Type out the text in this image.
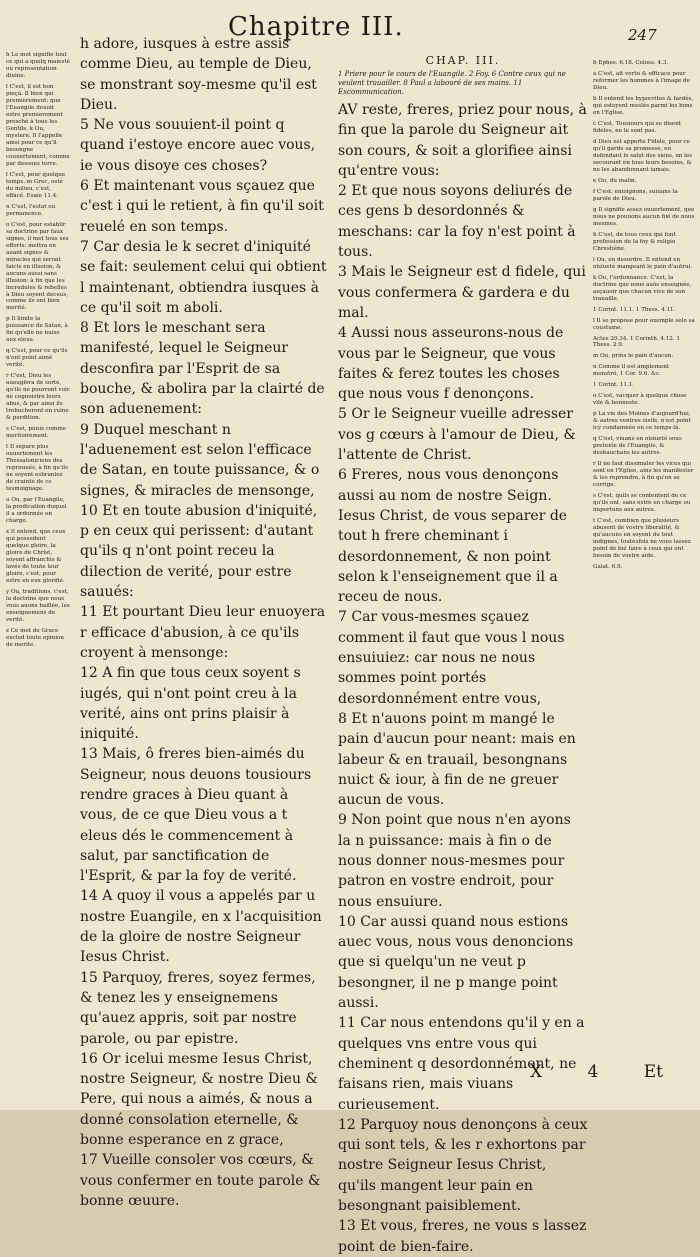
Chapitre III.	247

h Le mot signifie tout ce qui a quelq maiesté ou representation diuine.

l C'est, il est bon pieçà. Il bien qui premierement: que l'Euangile deuoit estre premierement presché à tous les Gentils. k Ou, mystere. Il l'appelle ainsi pour ce qu'il besongne couuertement, comme par dessous terre.

l C'est, pour quelque temps. m Grec, osté du milieu, c'est, effacé. Esaie 11.4.

n C'est, l'estat ou permanence.

o C'est, pour establir sa doctrine par faux signes, il met tous ses efforts: mettra en auant signes & miracles qui seront faicts en illusion, & aucuns aussi sans illusion: à fin que les incredules & rebelles à Dieu soyent deceus, comme ils ont bien merité.

p Il limite la puissance de Satan, à fin qu'elle ne nuise aux eleus.

q C'est, pour ce qu'ils n'ont point aimé verité.

r C'est, Dieu les aueuglera de sorte, qu'ils ne pourront voir ne cognoistre leurs abus, & par ainsi ils trebucheront en ruine & perdition.

s C'est, punis comme meritoirement.

t Il separe plus ouuertement les Thessaloniciens des reprouués, à fin qu'ils ne soyent esbranlez de crainte de ce tesmoignage.

u Ou, par l'Euangile, la predication duquel il a ordonnée en charge.

x Il entend, que ceux qui possedent quelque gloire, la gloire de Christ, soyent affranchis & lavés de toute leur gloire, c'est, pour estre en eux glorifié.

y Ou, traditions, c'est, la doctrine que nous vous auons baillée, les enseignemens de verité.

z Ce mot de Grace exclud toute opinion de merite.

h adore, iusques à estre assis comme Dieu, au temple de Dieu, se monstrant soy-mesme qu'il est Dieu.

5 Ne vous souuient-il point q quand i'estoye encore auec vous, ie vous disoye ces choses?

6 Et maintenant vous sçauez que c'est i qui le retient, à fin qu'il soit reuelé en son temps.

7 Car desia le k secret d'iniquité se fait: seulement celui qui obtient l maintenant, obtiendra iusques à ce qu'il soit m aboli.

8 Et lors le meschant sera manifesté, lequel le Seigneur desconfira par l'Esprit de sa bouche, & abolira par la clairté de son aduenement:

9 Duquel meschant n l'aduenement est selon l'efficace de Satan, en toute puissance, & o signes, & miracles de mensonge,

10 Et en toute abusion d'iniquité, p en ceux qui perissent: d'autant qu'ils q n'ont point receu la dilection de verité, pour estre sauués:

11 Et pourtant Dieu leur enuoyera r efficace d'abusion, à ce qu'ils croyent à mensonge:

12 A fin que tous ceux soyent s iugés, qui n'ont point creu à la verité, ains ont prins plaisir à iniquité.

13 Mais, ô freres bien-aimés du Seigneur, nous deuons tousiours rendre graces à Dieu quant à vous, de ce que Dieu vous a t eleus dés le commencement à salut, par sanctification de l'Esprit, & par la foy de verité.

14 A quoy il vous a appelés par u nostre Euangile, en x l'acquisition de la gloire de nostre Seigneur Iesus Christ.

15 Parquoy, freres, soyez fermes, & tenez les y enseignemens qu'auez appris, soit par nostre parole, ou par epistre.

16 Or icelui mesme Iesus Christ, nostre Seigneur, & nostre Dieu & Pere, qui nous a aimés, & nous a donné consolation eternelle, & bonne esperance en z grace,

17 Vueille consoler vos cœurs, & vous confermer en toute parole & bonne œuure.

CHAP. III.
1 Priere pour le cours de l'Euangile. 2 Foy. 6 Contre ceux qui ne veulent trauailler. 8 Paul a labouré de ses mains. 11 Excommunication.

AV reste, freres, priez pour nous, à fin que la parole du Seigneur ait son cours, & soit a glorifiee ainsi qu'entre vous:

2 Et que nous soyons deliurés de ces gens b desordonnés & meschans: car la foy n'est point à tous.

3 Mais le Seigneur est d fidele, qui vous confermera & gardera e du mal.

4 Aussi nous asseurons-nous de vous par le Seigneur, que vous faites & ferez toutes les choses que nous vous f denonçons.

5 Or le Seigneur vueille adresser vos g cœurs à l'amour de Dieu, & l'attente de Christ.

6 Freres, nous vous denonçons aussi au nom de nostre Seign. Iesus Christ, de vous separer de tout h frere cheminant i desordonnement, & non point selon k l'enseignement que il a receu de nous.

7 Car vous-mesmes sçauez comment il faut que vous l nous ensuiuiez: car nous ne nous sommes point portés desordonnément entre vous,

8 Et n'auons point m mangé le pain d'aucun pour neant: mais en labeur & en trauail, besongnans nuict & iour, à fin de ne greuer aucun de vous.

9 Non point que nous n'en ayons la n puissance: mais à fin o de nous donner nous-mesmes pour patron en vostre endroit, pour nous ensuiure.

10 Car aussi quand nous estions auec vous, nous vous denoncions que si quelqu'un ne veut p besongner, il ne p mange point aussi.

11 Car nous entendons qu'il y en a quelques vns entre vous qui cheminent q desordonnément, ne faisans rien, mais viuans curieusement.

12 Parquoy nous denonçons à ceux qui sont tels, & les r exhortons par nostre Seigneur Iesus Christ, qu'ils mangent leur pain en besongnant paisiblement.

13 Et vous, freres, ne vous s lassez point de bien-faire.

b Ephes. 6.18. Coloss. 4.3.

a C'est, ait vertu & efficace pour reformer les hommes à l'image de Dieu.

b Il entend les hypocrites & fardés, qui estoyent meslés parmi les bons en l'Eglise.

c C'est, Tousiours qui se disent fideles, ne le sont pas.

d Dieu est apperte Fidele, pour ce qu'il garde sa promesse, en defendant le salut des siens, en les secourant en tous leurs besoins, & ne les abandonnant iamais.

e Ou, du malin.

f C'est, enioignons, suiuans la parole de Dieu.

g Il signifie assez ouuertement, que nous ne pouuons aucun bié de nous mesmes.

h C'est, de tous ceux qui font profession de la foy & religio Chrestiéne.

i Ou, en desordre. Il entend en oisiueté mangeant le pain d'autrui.

k Ou, l'ordonnance. C'est, la doctrine que nous auós enseignée, asçauoir que chacun vive de son trauaille.

1 Corint. 11.1. 1 Thess. 4.11.

l Il se propose pour exemple selo sa coustume.

Actes 20.34. 1 Corinth. 4.12. 1 Thess. 2.9.

m Ou, prins le pain d'aucun.

n Comme il est amplement monstré, 1 Cor. 9.6. &c.

1 Corint. 11.1.

o C'est, vacquer à quelque chose vile & honneste.

p La vie des Moines d'aujourd'hui, & autres ventres oisifs, n'est point icy condamnée en ce temps-là.

q C'est, viuans en oisiueté sous pretexte de l'Euangile, & desbauchans les autres.

r Il ne faut dissimuler les vices qui sont en l'Eglise, ains les manifester & les reprendre, à fin qu'on se corrige.

s C'est, quils se contentent de ce qu'ils ont, sans estre en charge ou importuns aux autres.

t C'est, combien que plusieurs abusent de vostre liberalité, & qu'aucuns en soyent du tout indignes, toutesfois ne vous lassez point de bié faire à ceux qui ont besoin de vostre aide.

Galat. 6.9.

X 4 Et
